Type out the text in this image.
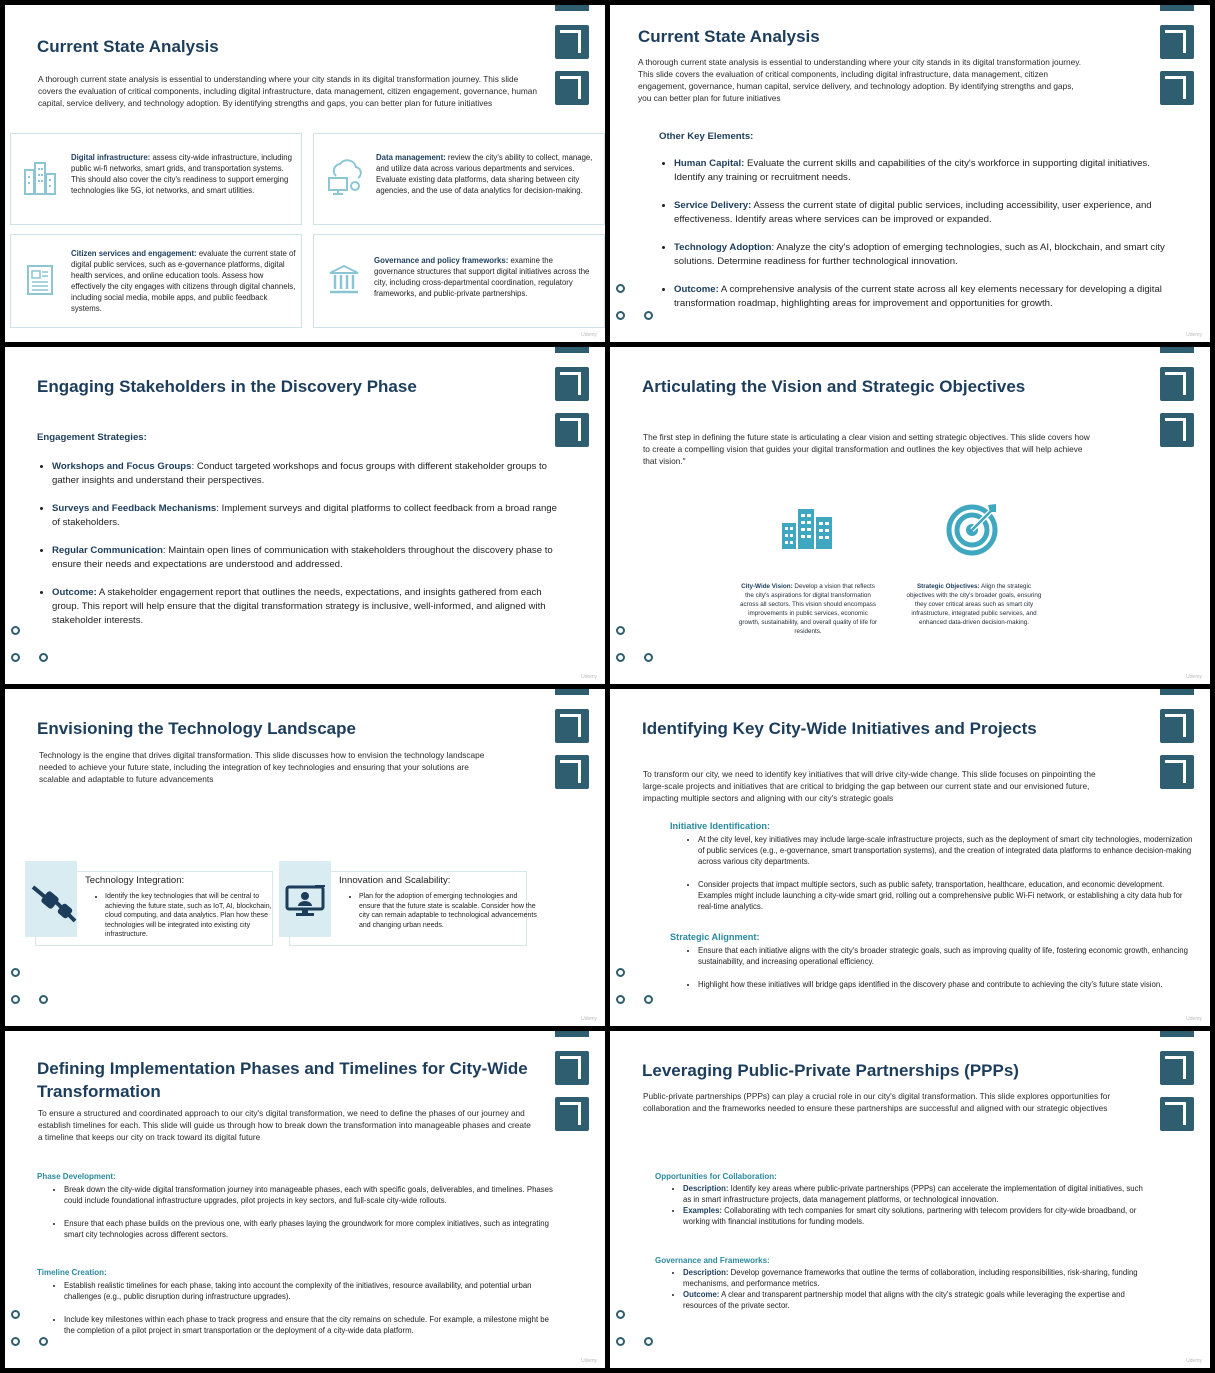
Current State Analysis
A thorough current state analysis is essential to understanding where your city stands in its digital transformation journey. This slide covers the evaluation of critical components, including digital infrastructure, data management, citizen engagement, governance, human capital, service delivery, and technology adoption. By identifying strengths and gaps, you can better plan for future initiatives
Digital infrastructure: assess city-wide infrastructure, including public wi-fi networks, smart grids, and transportation systems. This should also cover the city's readiness to support emerging technologies like 5G, iot networks, and smart utilities.
Data management: review the city's ability to collect, manage, and utilize data across various departments and services. Evaluate existing data platforms, data sharing between city agencies, and the use of data analytics for decision-making.
Citizen services and engagement: evaluate the current state of digital public services, such as e-governance platforms, digital health services, and online education tools. Assess how effectively the city engages with citizens through digital channels, including social media, mobile apps, and public feedback systems.
Governance and policy frameworks: examine the governance structures that support digital initiatives across the city, including cross-departmental coordination, regulatory frameworks, and public-private partnerships.
Udemy
Current State Analysis
A thorough current state analysis is essential to understanding where your city stands in its digital transformation journey. This slide covers the evaluation of critical components, including digital infrastructure, data management, citizen engagement, governance, human capital, service delivery, and technology adoption. By identifying strengths and gaps, you can better plan for future initiatives
Other Key Elements:
• Human Capital: Evaluate the current skills and capabilities of the city's workforce in supporting digital initiatives. Identify any training or recruitment needs.
• Service Delivery: Assess the current state of digital public services, including accessibility, user experience, and effectiveness. Identify areas where services can be improved or expanded.
• Technology Adoption: Analyze the city's adoption of emerging technologies, such as AI, blockchain, and smart city solutions. Determine readiness for further technological innovation.
• Outcome: A comprehensive analysis of the current state across all key elements necessary for developing a digital transformation roadmap, highlighting areas for improvement and opportunities for growth.
Udemy
Engaging Stakeholders in the Discovery Phase
Engagement Strategies:
• Workshops and Focus Groups: Conduct targeted workshops and focus groups with different stakeholder groups to gather insights and understand their perspectives.
• Surveys and Feedback Mechanisms: Implement surveys and digital platforms to collect feedback from a broad range of stakeholders.
• Regular Communication: Maintain open lines of communication with stakeholders throughout the discovery phase to ensure their needs and expectations are understood and addressed.
• Outcome: A stakeholder engagement report that outlines the needs, expectations, and insights gathered from each group. This report will help ensure that the digital transformation strategy is inclusive, well-informed, and aligned with stakeholder interests.
Udemy
Articulating the Vision and Strategic Objectives
The first step in defining the future state is articulating a clear vision and setting strategic objectives. This slide covers how to create a compelling vision that guides your digital transformation and outlines the key objectives that will help achieve that vision."
City-Wide Vision: Develop a vision that reflects the city's aspirations for digital transformation across all sectors. This vision should encompass improvements in public services, economic growth, sustainability, and overall quality of life for residents.
Strategic Objectives: Align the strategic objectives with the city's broader goals, ensuring they cover critical areas such as smart city infrastructure, integrated public services, and enhanced data-driven decision-making.
Udemy
Envisioning the Technology Landscape
Technology is the engine that drives digital transformation. This slide discusses how to envision the technology landscape needed to achieve your future state, including the integration of key technologies and ensuring that your solutions are scalable and adaptable to future advancements
Technology Integration:
• Identify the key technologies that will be central to achieving the future state, such as IoT, AI, blockchain, cloud computing, and data analytics. Plan how these technologies will be integrated into existing city infrastructure.
Innovation and Scalability:
• Plan for the adoption of emerging technologies and ensure that the future state is scalable. Consider how the city can remain adaptable to technological advancements and changing urban needs.
Udemy
Identifying Key City-Wide Initiatives and Projects
To transform our city, we need to identify key initiatives that will drive city-wide change. This slide focuses on pinpointing the large-scale projects and initiatives that are critical to bridging the gap between our current state and our envisioned future, impacting multiple sectors and aligning with our city's strategic goals
Initiative Identification:
• At the city level, key initiatives may include large-scale infrastructure projects, such as the deployment of smart city technologies, modernization of public services (e.g., e-governance, smart transportation systems), and the creation of integrated data platforms to enhance decision-making across various city departments.
• Consider projects that impact multiple sectors, such as public safety, transportation, healthcare, education, and economic development. Examples might include launching a city-wide smart grid, rolling out a comprehensive public Wi-Fi network, or establishing a city data hub for real-time analytics.
Strategic Alignment:
• Ensure that each initiative aligns with the city's broader strategic goals, such as improving quality of life, fostering economic growth, enhancing sustainability, and increasing operational efficiency.
• Highlight how these initiatives will bridge gaps identified in the discovery phase and contribute to achieving the city's future state vision.
Udemy
Defining Implementation Phases and Timelines for City-Wide Transformation
To ensure a structured and coordinated approach to our city's digital transformation, we need to define the phases of our journey and establish timelines for each. This slide will guide us through how to break down the transformation into manageable phases and create a timeline that keeps our city on track toward its digital future
Phase Development:
• Break down the city-wide digital transformation journey into manageable phases, each with specific goals, deliverables, and timelines. Phases could include foundational infrastructure upgrades, pilot projects in key sectors, and full-scale city-wide rollouts.
• Ensure that each phase builds on the previous one, with early phases laying the groundwork for more complex initiatives, such as integrating smart city technologies across different sectors.
Timeline Creation:
• Establish realistic timelines for each phase, taking into account the complexity of the initiatives, resource availability, and potential urban challenges (e.g., public disruption during infrastructure upgrades).
• Include key milestones within each phase to track progress and ensure that the city remains on schedule. For example, a milestone might be the completion of a pilot project in smart transportation or the deployment of a city-wide data platform.
Udemy
Leveraging Public-Private Partnerships (PPPs)
Public-private partnerships (PPPs) can play a crucial role in our city's digital transformation. This slide explores opportunities for collaboration and the frameworks needed to ensure these partnerships are successful and aligned with our strategic objectives
Opportunities for Collaboration:
• Description: Identify key areas where public-private partnerships (PPPs) can accelerate the implementation of digital initiatives, such as in smart infrastructure projects, data management platforms, or technological innovation.
• Examples: Collaborating with tech companies for smart city solutions, partnering with telecom providers for city-wide broadband, or working with financial institutions for funding models.
Governance and Frameworks:
• Description: Develop governance frameworks that outline the terms of collaboration, including responsibilities, risk-sharing, funding mechanisms, and performance metrics.
• Outcome: A clear and transparent partnership model that aligns with the city's strategic goals while leveraging the expertise and resources of the private sector.
Udemy
